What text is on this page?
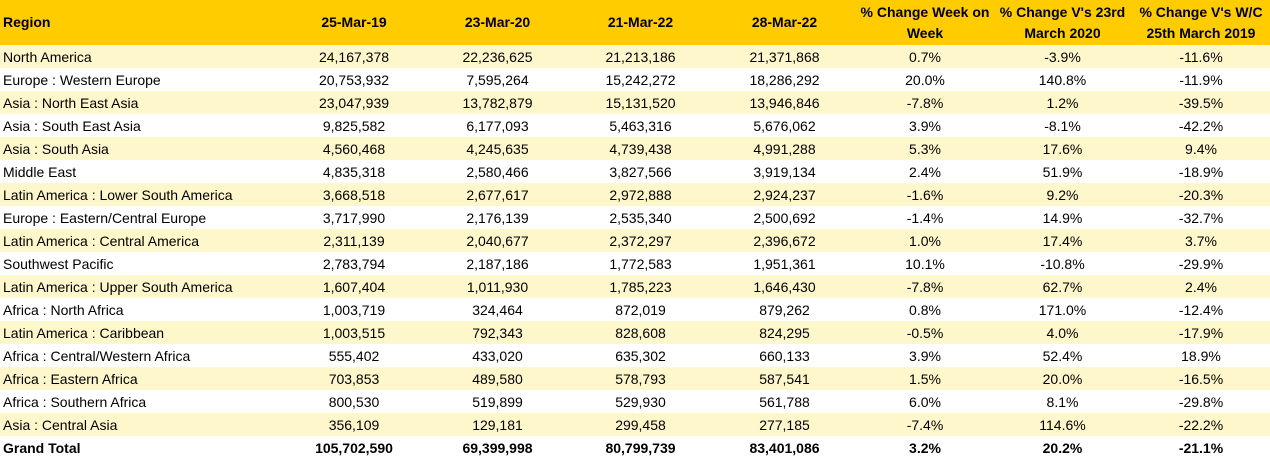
Region	25-Mar-19	23-Mar-20	21-Mar-22	28-Mar-22	% Change Week on Week	% Change V's 23rd March 2020	% Change V's W/C 25th March 2019
North America	24,167,378	22,236,625	21,213,186	21,371,868	0.7%	-3.9%	-11.6%
Europe : Western Europe	20,753,932	7,595,264	15,242,272	18,286,292	20.0%	140.8%	-11.9%
Asia : North East Asia	23,047,939	13,782,879	15,131,520	13,946,846	-7.8%	1.2%	-39.5%
Asia : South East Asia	9,825,582	6,177,093	5,463,316	5,676,062	3.9%	-8.1%	-42.2%
Asia : South Asia	4,560,468	4,245,635	4,739,438	4,991,288	5.3%	17.6%	9.4%
Middle East	4,835,318	2,580,466	3,827,566	3,919,134	2.4%	51.9%	-18.9%
Latin America : Lower South America	3,668,518	2,677,617	2,972,888	2,924,237	-1.6%	9.2%	-20.3%
Europe : Eastern/Central Europe	3,717,990	2,176,139	2,535,340	2,500,692	-1.4%	14.9%	-32.7%
Latin America : Central America	2,311,139	2,040,677	2,372,297	2,396,672	1.0%	17.4%	3.7%
Southwest Pacific	2,783,794	2,187,186	1,772,583	1,951,361	10.1%	-10.8%	-29.9%
Latin America : Upper South America	1,607,404	1,011,930	1,785,223	1,646,430	-7.8%	62.7%	2.4%
Africa : North Africa	1,003,719	324,464	872,019	879,262	0.8%	171.0%	-12.4%
Latin America : Caribbean	1,003,515	792,343	828,608	824,295	-0.5%	4.0%	-17.9%
Africa : Central/Western Africa	555,402	433,020	635,302	660,133	3.9%	52.4%	18.9%
Africa : Eastern Africa	703,853	489,580	578,793	587,541	1.5%	20.0%	-16.5%
Africa : Southern Africa	800,530	519,899	529,930	561,788	6.0%	8.1%	-29.8%
Asia : Central Asia	356,109	129,181	299,458	277,185	-7.4%	114.6%	-22.2%
Grand Total	105,702,590	69,399,998	80,799,739	83,401,086	3.2%	20.2%	-21.1%
